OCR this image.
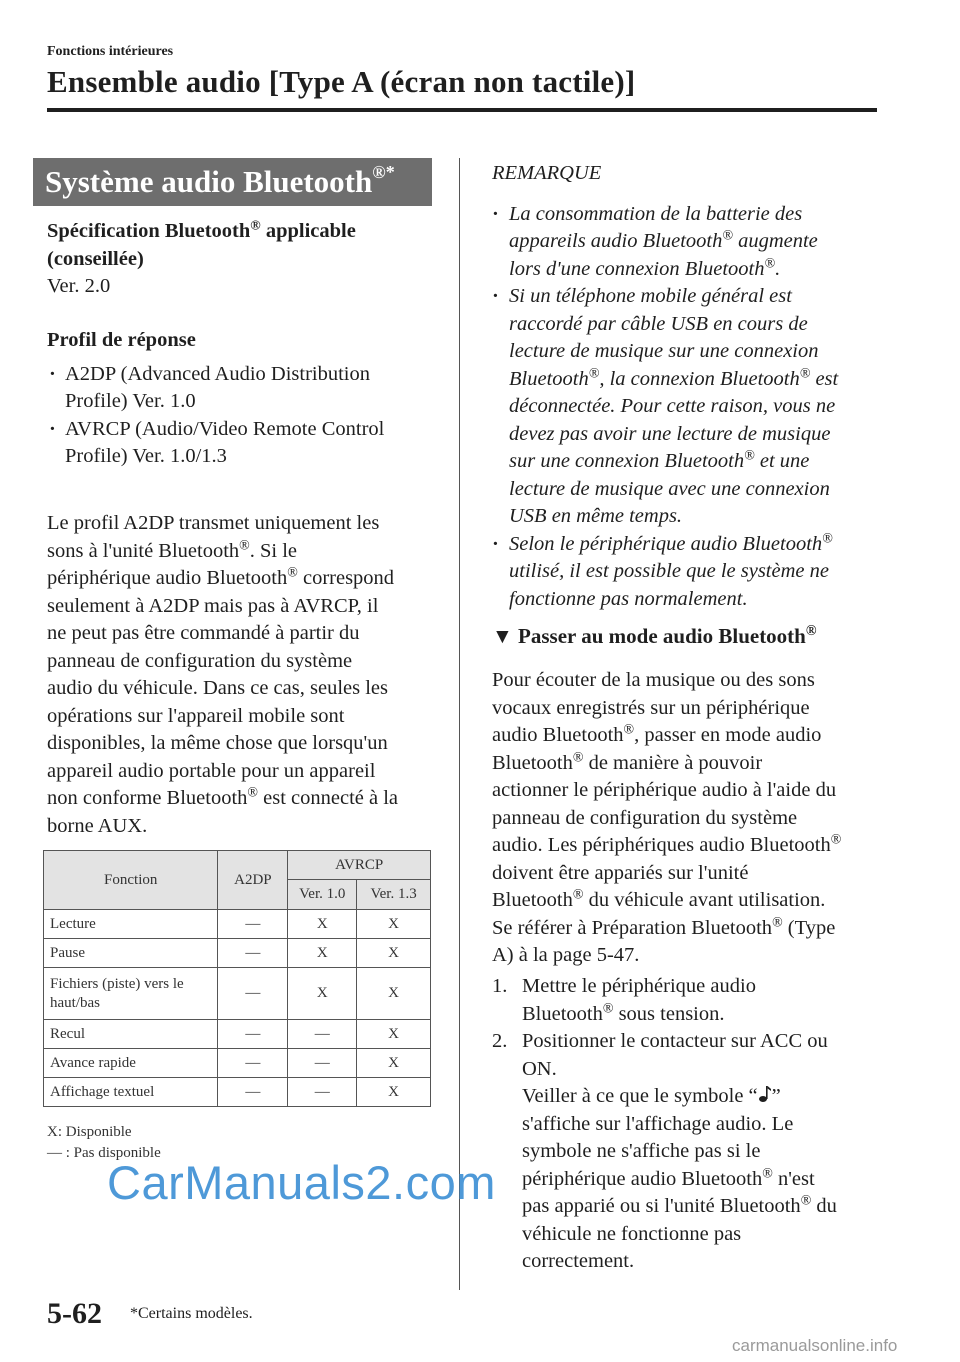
Fonctions intérieures
Ensemble audio [Type A (écran non tactile)]
Système audio Bluetooth®*
Spécification Bluetooth® applicable
(conseillée)
Ver. 2.0
Profil de réponse
· A2DP (Advanced Audio Distribution
Profile) Ver. 1.0
· AVRCP (Audio/Video Remote Control
Profile) Ver. 1.0/1.3
Le profil A2DP transmet uniquement les
sons à l'unité Bluetooth®. Si le
périphérique audio Bluetooth® correspond
seulement à A2DP mais pas à AVRCP, il
ne peut pas être commandé à partir du
panneau de configuration du système
audio du véhicule. Dans ce cas, seules les
opérations sur l'appareil mobile sont
disponibles, la même chose que lorsqu'un
appareil audio portable pour un appareil
non conforme Bluetooth® est connecté à la
borne AUX.
Fonction	A2DP	AVRCP	
		Ver. 1.0	Ver. 1.3
Lecture	—	X	X
Pause	—	X	X
Fichiers (piste) vers le haut/bas	—	X	X
Recul	—	—	X
Avance rapide	—	—	X
Affichage textuel	—	—	X
X: Disponible
— : Pas disponible
REMARQUE
· La consommation de la batterie des
appareils audio Bluetooth® augmente
lors d'une connexion Bluetooth®.
· Si un téléphone mobile général est
raccordé par câble USB en cours de
lecture de musique sur une connexion
Bluetooth®, la connexion Bluetooth® est
déconnectée. Pour cette raison, vous ne
devez pas avoir une lecture de musique
sur une connexion Bluetooth® et une
lecture de musique avec une connexion
USB en même temps.
· Selon le périphérique audio Bluetooth®
utilisé, il est possible que le système ne
fonctionne pas normalement.
▼ Passer au mode audio Bluetooth®
Pour écouter de la musique ou des sons
vocaux enregistrés sur un périphérique
audio Bluetooth®, passer en mode audio
Bluetooth® de manière à pouvoir
actionner le périphérique audio à l'aide du
panneau de configuration du système
audio. Les périphériques audio Bluetooth®
doivent être appariés sur l'unité
Bluetooth® du véhicule avant utilisation.
Se référer à Préparation Bluetooth® (Type
A) à la page 5-47.
1. Mettre le périphérique audio
Bluetooth® sous tension.
2. Positionner le contacteur sur ACC ou
ON.
Veiller à ce que le symbole “ ”
s'affiche sur l'affichage audio. Le
symbole ne s'affiche pas si le
périphérique audio Bluetooth® n'est
pas apparié ou si l'unité Bluetooth® du
véhicule ne fonctionne pas
correctement.
5-62 *Certains modèles.
CarManuals2.com
carmanualsonline.info
